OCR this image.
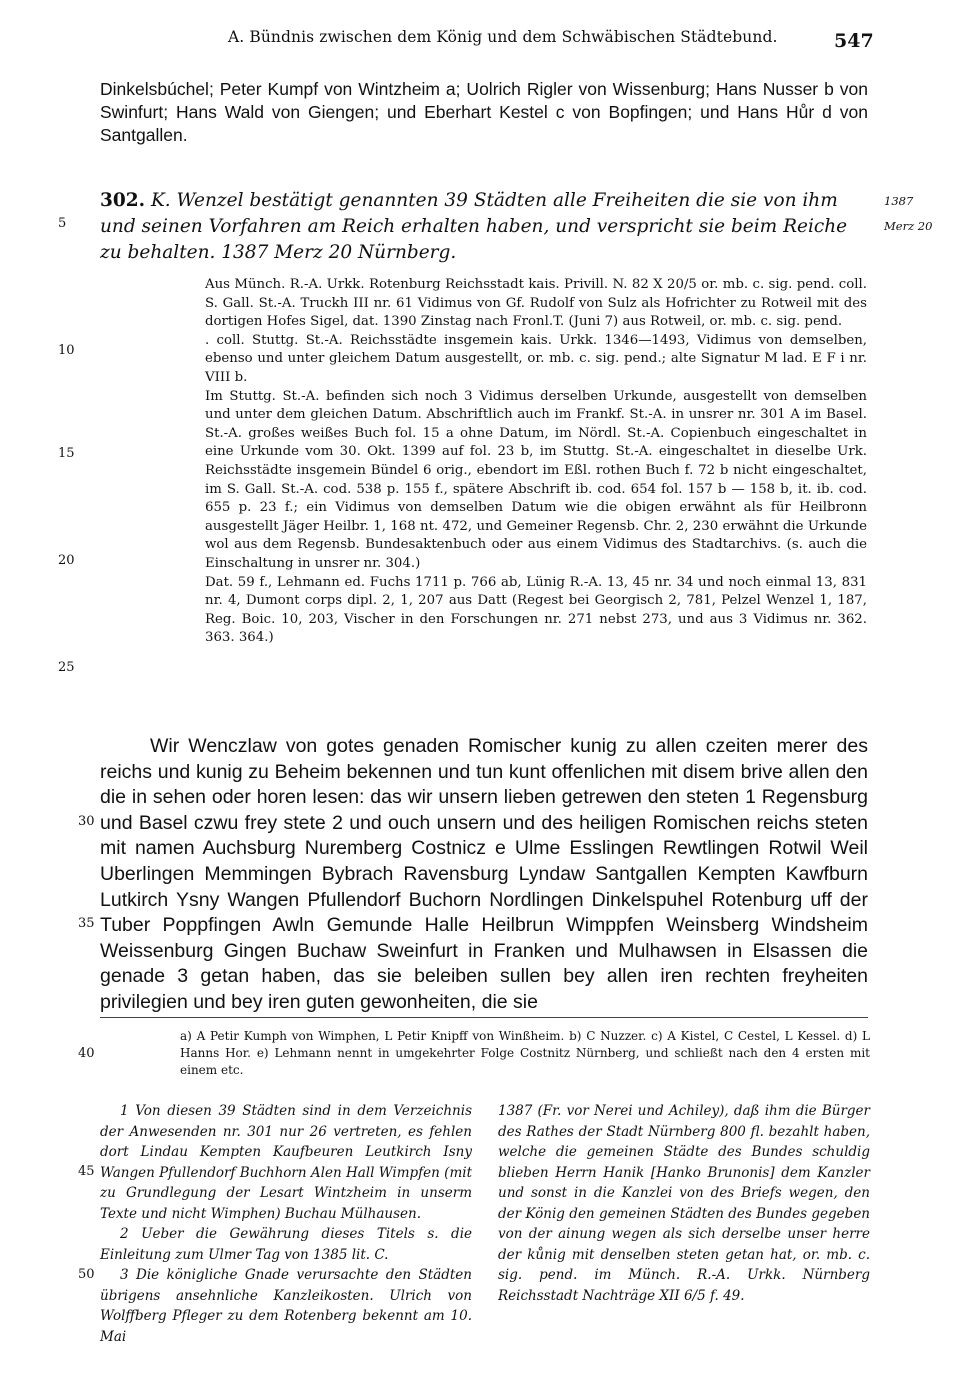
A. Bündnis zwischen dem König und dem Schwäbischen Städtebund.	547

Dinkelsbúchel; Peter Kumpf von Wintzheim a; Uolrich Rigler von Wissenburg; Hans Nusser b von Swinfurt; Hans Wald von Giengen; und Eberhart Kestel c von Bopfingen; und Hans Hůr d von Santgallen.

5
10
15
20
25
30
35
40
45
50

302. K. Wenzel bestätigt genannten 39 Städten alle Freiheiten die sie von ihm und seinen Vorfahren am Reich erhalten haben, und verspricht sie beim Reiche zu behalten. 1387 Merz 20 Nürnberg.

1387
Merz 20

Aus Münch. R.-A. Urkk. Rotenburg Reichsstadt kais. Privill. N. 82 X 20/5 or. mb. c. sig. pend. coll. S. Gall. St.-A. Truckh III nr. 61 Vidimus von Gf. Rudolf von Sulz als Hofrichter zu Rotweil mit des dortigen Hofes Sigel, dat. 1390 Zinstag nach Fronl.T. (Juni 7) aus Rotweil, or. mb. c. sig. pend.

. coll. Stuttg. St.-A. Reichsstädte insgemein kais. Urkk. 1346—1493, Vidimus von demselben, ebenso und unter gleichem Datum ausgestellt, or. mb. c. sig. pend.; alte Signatur M lad. E F i nr. VIII b.

Im Stuttg. St.-A. befinden sich noch 3 Vidimus derselben Urkunde, ausgestellt von demselben und unter dem gleichen Datum. Abschriftlich auch im Frankf. St.-A. in unsrer nr. 301 A im Basel. St.-A. großes weißes Buch fol. 15 a ohne Datum, im Nördl. St.-A. Copienbuch eingeschaltet in eine Urkunde vom 30. Okt. 1399 auf fol. 23 b, im Stuttg. St.-A. eingeschaltet in dieselbe Urk. Reichsstädte insgemein Bündel 6 orig., ebendort im Eßl. rothen Buch f. 72 b nicht eingeschaltet, im S. Gall. St.-A. cod. 538 p. 155 f., spätere Abschrift ib. cod. 654 fol. 157 b — 158 b, it. ib. cod. 655 p. 23 f.; ein Vidimus von demselben Datum wie die obigen erwähnt als für Heilbronn ausgestellt Jäger Heilbr. 1, 168 nt. 472, und Gemeiner Regensb. Chr. 2, 230 erwähnt die Urkunde wol aus dem Regensb. Bundesaktenbuch oder aus einem Vidimus des Stadtarchivs. (s. auch die Einschaltung in unsrer nr. 304.)

Dat. 59 f., Lehmann ed. Fuchs 1711 p. 766 ab, Lünig R.-A. 13, 45 nr. 34 und noch einmal 13, 831 nr. 4, Dumont corps dipl. 2, 1, 207 aus Datt (Regest bei Georgisch 2, 781, Pelzel Wenzel 1, 187, Reg. Boic. 10, 203, Vischer in den Forschungen nr. 271 nebst 273, und aus 3 Vidimus nr. 362. 363. 364.)

Wir Wenczlaw von gotes genaden Romischer kunig zu allen czeiten merer des reichs und kunig zu Beheim bekennen und tun kunt offenlichen mit disem brive allen den die in sehen oder horen lesen: das wir unsern lieben getrewen den steten 1 Regensburg und Basel czwu frey stete 2 und ouch unsern und des heiligen Romischen reichs steten mit namen Auchsburg Nuremberg Costnicz e Ulme Esslingen Rewtlingen Rotwil Weil Uberlingen Memmingen Bybrach Ravensburg Lyndaw Santgallen Kempten Kawfburn Lutkirch Ysny Wangen Pfullendorf Buchorn Nordlingen Dinkelspuhel Rotenburg uff der Tuber Poppfingen Awln Gemunde Halle Heilbrun Wimppfen Weinsberg Windsheim Weissenburg Gingen Buchaw Sweinfurt in Franken und Mulhawsen in Elsassen die genade 3 getan haben, das sie beleiben sullen bey allen iren rechten freyheiten privilegien und bey iren guten gewonheiten, die sie

a) A Petir Kumph von Wimphen, L Petir Knipff von Winßheim. b) C Nuzzer. c) A Kistel, C Cestel, L Kessel. d) L Hanns Hor. e) Lehmann nennt in umgekehrter Folge Costnitz Nürnberg, und schließt nach den 4 ersten mit einem etc.

1 Von diesen 39 Städten sind in dem Verzeichnis der Anwesenden nr. 301 nur 26 vertreten, es fehlen dort Lindau Kempten Kaufbeuren Leutkirch Isny Wangen Pfullendorf Buchhorn Alen Hall Wimpfen (mit zu Grundlegung der Lesart Wintzheim in unserm Texte und nicht Wimphen) Buchau Mülhausen.

2 Ueber die Gewährung dieses Titels s. die Einleitung zum Ulmer Tag von 1385 lit. C.

3 Die königliche Gnade verursachte den Städten übrigens ansehnliche Kanzleikosten. Ulrich von Wolffberg Pfleger zu dem Rotenberg bekennt am 10. Mai

1387 (Fr. vor Nerei und Achiley), daß ihm die Bürger des Rathes der Stadt Nürnberg 800 fl. bezahlt haben, welche die gemeinen Städte des Bundes schuldig blieben Herrn Hanik [Hanko Brunonis] dem Kanzler und sonst in die Kanzlei von des Briefs wegen, den der König den gemeinen Städten des Bundes gegeben von der ainung wegen als sich derselbe unser herre der kůnig mit denselben steten getan hat, or. mb. c. sig. pend. im Münch. R.-A. Urkk. Nürnberg Reichsstadt Nachträge XII 6/5 f. 49.
